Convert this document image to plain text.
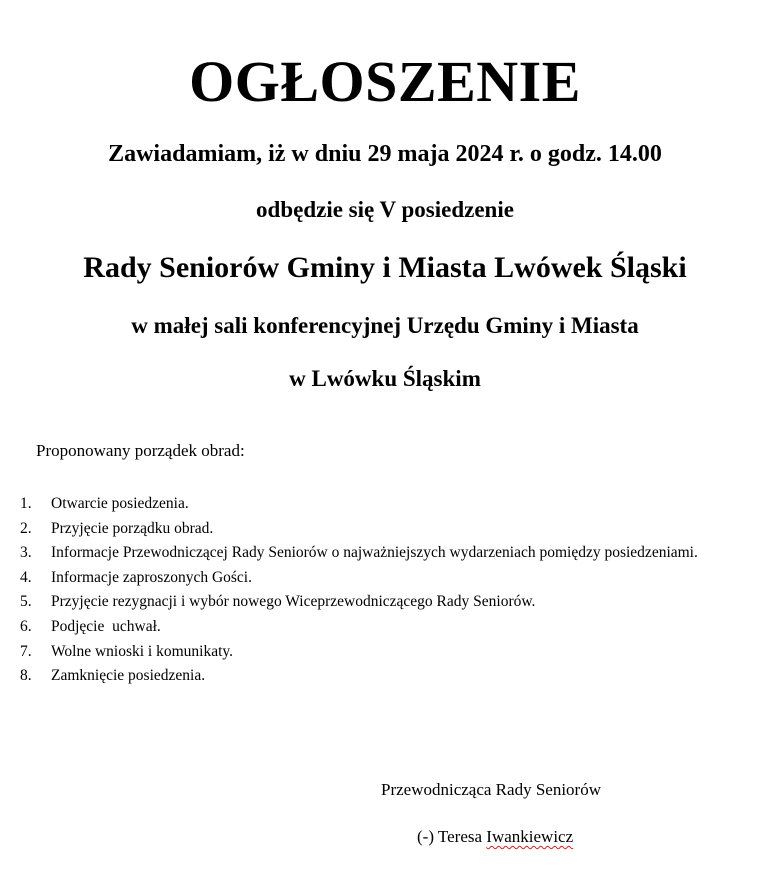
OGŁOSZENIE
Zawiadamiam, iż w dniu 29 maja 2024 r. o godz. 14.00
odbędzie się V posiedzenie
Rady Seniorów Gminy i Miasta Lwówek Śląski
w małej sali konferencyjnej Urzędu Gminy i Miasta
w Lwówku Śląskim
Proponowany porządek obrad:
1.	Otwarcie posiedzenia.
2.	Przyjęcie porządku obrad.
3.	Informacje Przewodniczącej Rady Seniorów o najważniejszych wydarzeniach pomiędzy posiedzeniami.
4.	Informacje zaproszonych Gości.
5.	Przyjęcie rezygnacji i wybór nowego Wiceprzewodniczącego Rady Seniorów.
6.	Podjęcie  uchwał.
7.	Wolne wnioski i komunikaty.
8.	Zamknięcie posiedzenia.
Przewodnicząca Rady Seniorów
(-) Teresa Iwankiewicz
